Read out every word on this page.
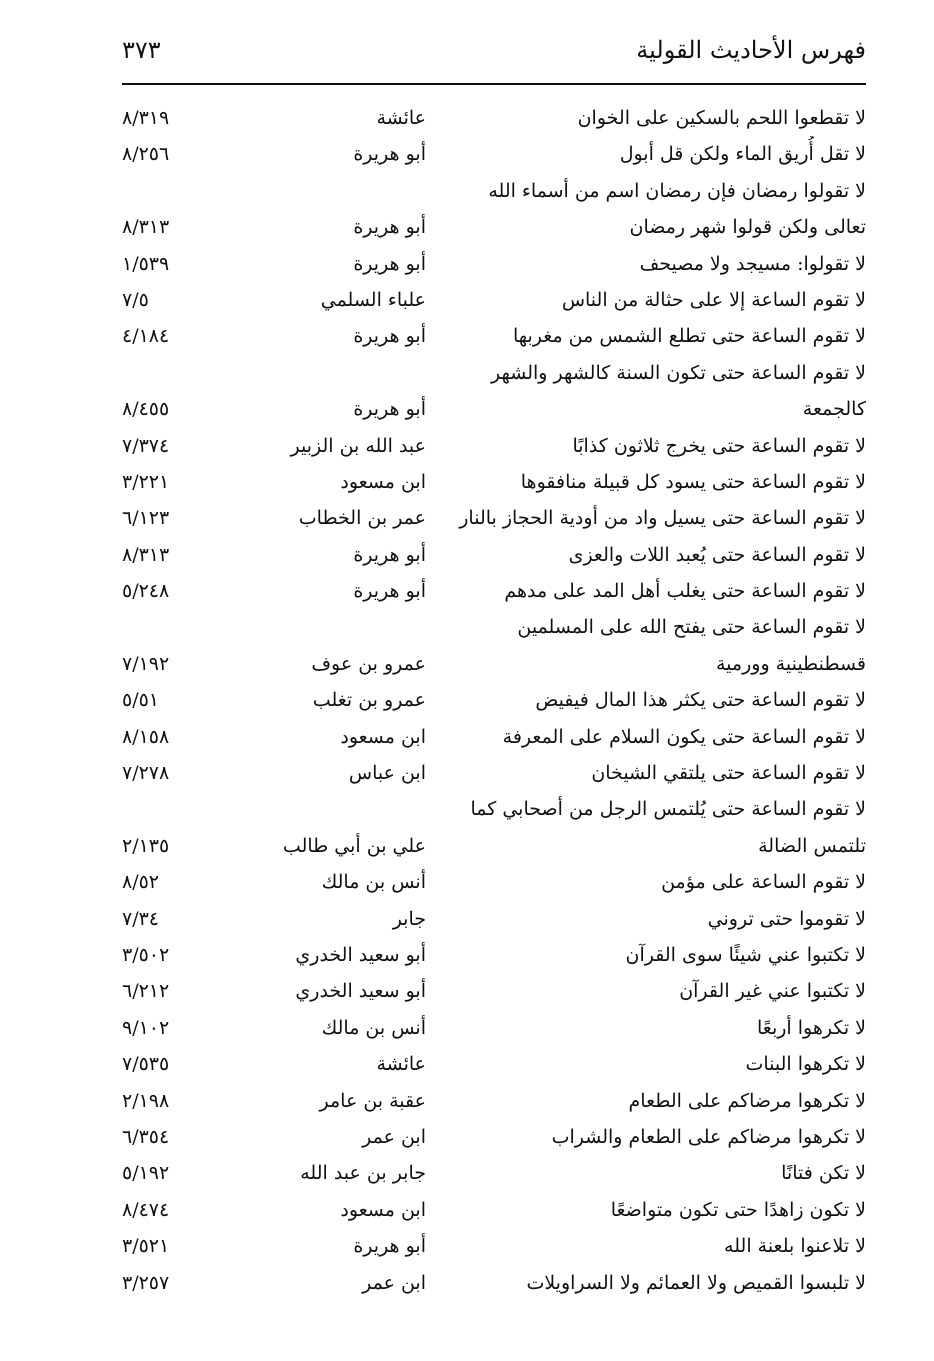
فهرس الأحاديث القولية
٣٧٣
لا تقطعوا اللحم بالسكين على الخوان
عائشة
٨/٣١٩
لا تقل أُريق الماء ولكن قل أبول
أبو هريرة
٨/٢٥٦
لا تقولوا رمضان فإن رمضان اسم من أسماء الله
تعالى ولكن قولوا شهر رمضان
أبو هريرة
٨/٣١٣
لا تقولوا: مسيجد ولا مصيحف
أبو هريرة
١/٥٣٩
لا تقوم الساعة إلا على حثالة من الناس
علباء السلمي
٧/٥
لا تقوم الساعة حتى تطلع الشمس من مغربها
أبو هريرة
٤/١٨٤
لا تقوم الساعة حتى تكون السنة كالشهر والشهر
كالجمعة
أبو هريرة
٨/٤٥٥
لا تقوم الساعة حتى يخرج ثلاثون كذابًا
عبد الله بن الزبير
٧/٣٧٤
لا تقوم الساعة حتى يسود كل قبيلة منافقوها
ابن مسعود
٣/٢٢١
لا تقوم الساعة حتى يسيل واد من أودية الحجاز بالنار
عمر بن الخطاب
٦/١٢٣
لا تقوم الساعة حتى يُعبد اللات والعزى
أبو هريرة
٨/٣١٣
لا تقوم الساعة حتى يغلب أهل المد على مدهم
أبو هريرة
٥/٢٤٨
لا تقوم الساعة حتى يفتح الله على المسلمين
قسطنطينية وورمية
عمرو بن عوف
٧/١٩٢
لا تقوم الساعة حتى يكثر هذا المال فيفيض
عمرو بن تغلب
٥/٥١
لا تقوم الساعة حتى يكون السلام على المعرفة
ابن مسعود
٨/١٥٨
لا تقوم الساعة حتى يلتقي الشيخان
ابن عباس
٧/٢٧٨
لا تقوم الساعة حتى يُلتمس الرجل من أصحابي كما
تلتمس الضالة
علي بن أبي طالب
٢/١٣٥
لا تقوم الساعة على مؤمن
أنس بن مالك
٨/٥٢
لا تقوموا حتى تروني
جابر
٧/٣٤
لا تكتبوا عني شيئًا سوى القرآن
أبو سعيد الخدري
٣/٥٠٢
لا تكتبوا عني غير القرآن
أبو سعيد الخدري
٦/٢١٢
لا تكرهوا أربعًا
أنس بن مالك
٩/١٠٢
لا تكرهوا البنات
عائشة
٧/٥٣٥
لا تكرهوا مرضاكم على الطعام
عقبة بن عامر
٢/١٩٨
لا تكرهوا مرضاكم على الطعام والشراب
ابن عمر
٦/٣٥٤
لا تكن فتانًا
جابر بن عبد الله
٥/١٩٢
لا تكون زاهدًا حتى تكون متواضعًا
ابن مسعود
٨/٤٧٤
لا تلاعنوا بلعنة الله
أبو هريرة
٣/٥٢١
لا تلبسوا القميص ولا العمائم ولا السراويلات
ابن عمر
٣/٢٥٧
